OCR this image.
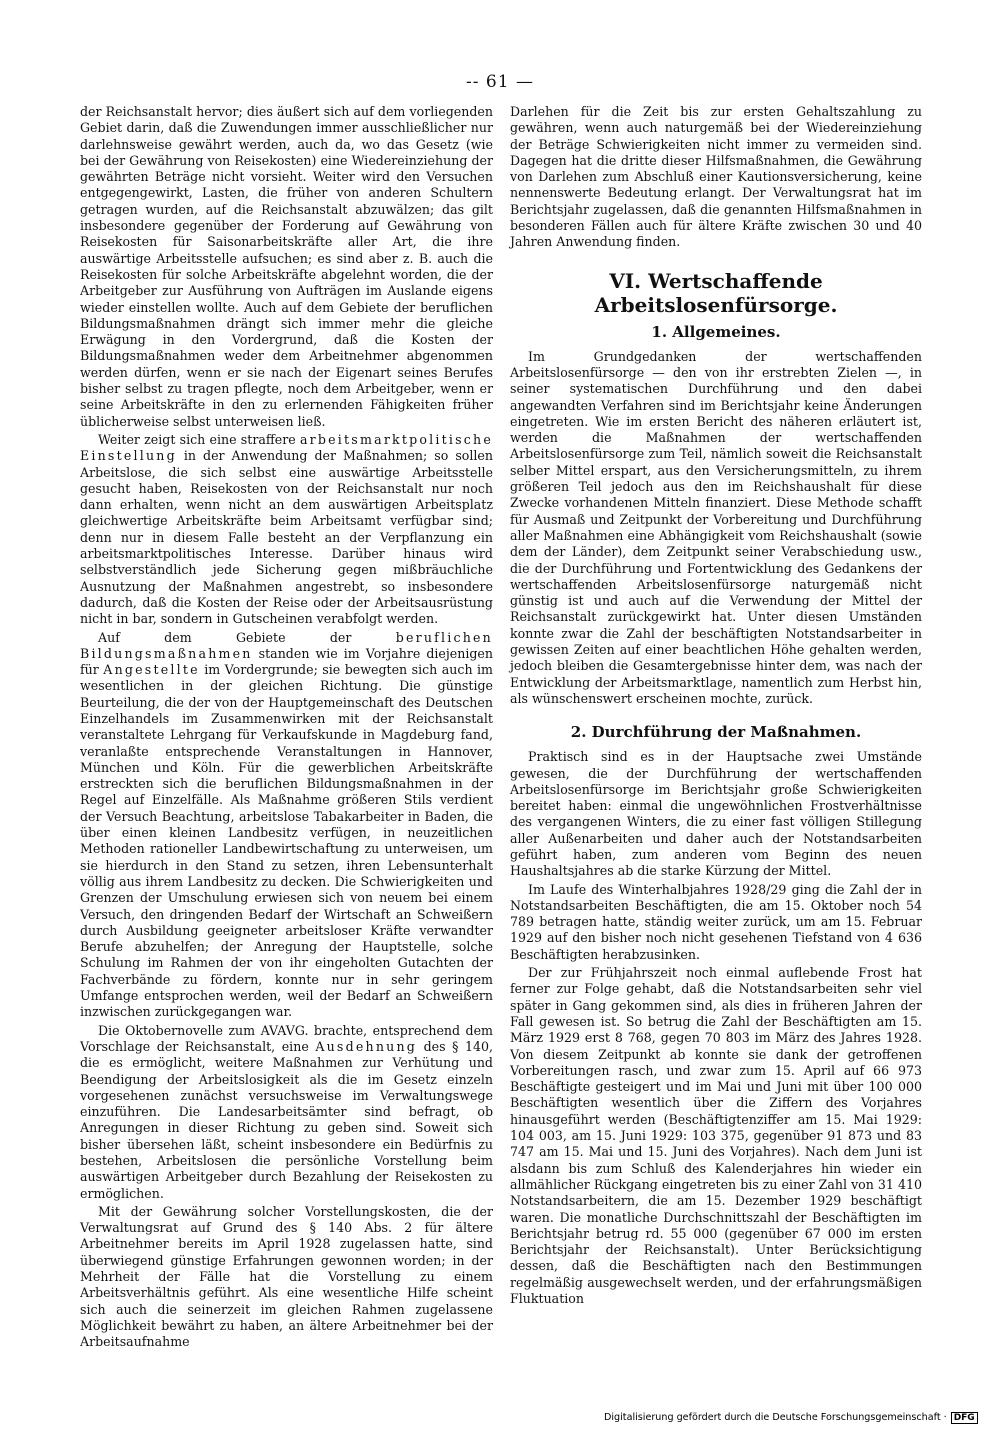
-- 61 —

der Reichsanstalt hervor; dies äußert sich auf dem vorliegenden Gebiet darin, daß die Zuwendungen immer ausschließlicher nur darlehnsweise gewährt werden, auch da, wo das Gesetz (wie bei der Gewährung von Reisekosten) eine Wiedereinziehung der gewährten Beträge nicht vorsieht. Weiter wird den Versuchen entgegengewirkt, Lasten, die früher von anderen Schultern getragen wurden, auf die Reichsanstalt abzuwälzen; das gilt insbesondere gegenüber der Forderung auf Gewährung von Reisekosten für Saisonarbeitskräfte aller Art, die ihre auswärtige Arbeitsstelle aufsuchen; es sind aber z. B. auch die Reisekosten für solche Arbeitskräfte abgelehnt worden, die der Arbeitgeber zur Ausführung von Aufträgen im Auslande eigens wieder einstellen wollte. Auch auf dem Gebiete der beruflichen Bildungsmaßnahmen drängt sich immer mehr die gleiche Erwägung in den Vordergrund, daß die Kosten der Bildungsmaßnahmen weder dem Arbeitnehmer abgenommen werden dürfen, wenn er sie nach der Eigenart seines Berufes bisher selbst zu tragen pflegte, noch dem Arbeitgeber, wenn er seine Arbeitskräfte in den zu erlernenden Fähigkeiten früher üblicherweise selbst unterweisen ließ.

Weiter zeigt sich eine straffere arbeitsmarktpolitische Einstellung in der Anwendung der Maßnahmen; so sollen Arbeitslose, die sich selbst eine auswärtige Arbeitsstelle gesucht haben, Reisekosten von der Reichsanstalt nur noch dann erhalten, wenn nicht an dem auswärtigen Arbeitsplatz gleichwertige Arbeitskräfte beim Arbeitsamt verfügbar sind; denn nur in diesem Falle besteht an der Verpflanzung ein arbeitsmarktpolitisches Interesse. Darüber hinaus wird selbstverständlich jede Sicherung gegen mißbräuchliche Ausnutzung der Maßnahmen angestrebt, so insbesondere dadurch, daß die Kosten der Reise oder der Arbeitsausrüstung nicht in bar, sondern in Gutscheinen verabfolgt werden.

Auf dem Gebiete der beruflichen Bildungsmaßnahmen standen wie im Vorjahre diejenigen für Angestellte im Vordergrunde; sie bewegten sich auch im wesentlichen in der gleichen Richtung. Die günstige Beurteilung, die der von der Hauptgemeinschaft des Deutschen Einzelhandels im Zusammenwirken mit der Reichsanstalt veranstaltete Lehrgang für Verkaufskunde in Magdeburg fand, veranlaßte entsprechende Veranstaltungen in Hannover, München und Köln. Für die gewerblichen Arbeitskräfte erstreckten sich die beruflichen Bildungsmaßnahmen in der Regel auf Einzelfälle. Als Maßnahme größeren Stils verdient der Versuch Beachtung, arbeitslose Tabakarbeiter in Baden, die über einen kleinen Landbesitz verfügen, in neuzeitlichen Methoden rationeller Landbewirtschaftung zu unterweisen, um sie hierdurch in den Stand zu setzen, ihren Lebensunterhalt völlig aus ihrem Landbesitz zu decken. Die Schwierigkeiten und Grenzen der Umschulung erwiesen sich von neuem bei einem Versuch, den dringenden Bedarf der Wirtschaft an Schweißern durch Ausbildung geeigneter arbeitsloser Kräfte verwandter Berufe abzuhelfen; der Anregung der Hauptstelle, solche Schulung im Rahmen der von ihr eingeholten Gutachten der Fachverbände zu fördern, konnte nur in sehr geringem Umfange entsprochen werden, weil der Bedarf an Schweißern inzwischen zurückgegangen war.

Die Oktobernovelle zum AVAVG. brachte, entsprechend dem Vorschlage der Reichsanstalt, eine Ausdehnung des § 140, die es ermöglicht, weitere Maßnahmen zur Verhütung und Beendigung der Arbeitslosigkeit als die im Gesetz einzeln vorgesehenen zunächst versuchsweise im Verwaltungswege einzuführen. Die Landesarbeitsämter sind befragt, ob Anregungen in dieser Richtung zu geben sind. Soweit sich bisher übersehen läßt, scheint insbesondere ein Bedürfnis zu bestehen, Arbeitslosen die persönliche Vorstellung beim auswärtigen Arbeitgeber durch Bezahlung der Reisekosten zu ermöglichen.

Mit der Gewährung solcher Vorstellungskosten, die der Verwaltungsrat auf Grund des § 140 Abs. 2 für ältere Arbeitnehmer bereits im April 1928 zugelassen hatte, sind überwiegend günstige Erfahrungen gewonnen worden; in der Mehrheit der Fälle hat die Vorstellung zu einem Arbeitsverhältnis geführt. Als eine wesentliche Hilfe scheint sich auch die seinerzeit im gleichen Rahmen zugelassene Möglichkeit bewährt zu haben, an ältere Arbeitnehmer bei der Arbeitsaufnahme

Darlehen für die Zeit bis zur ersten Gehaltszahlung zu gewähren, wenn auch naturgemäß bei der Wiedereinziehung der Beträge Schwierigkeiten nicht immer zu vermeiden sind. Dagegen hat die dritte dieser Hilfsmaßnahmen, die Gewährung von Darlehen zum Abschluß einer Kautionsversicherung, keine nennenswerte Bedeutung erlangt. Der Verwaltungsrat hat im Berichtsjahr zugelassen, daß die genannten Hilfsmaßnahmen in besonderen Fällen auch für ältere Kräfte zwischen 30 und 40 Jahren Anwendung finden.

VI. Wertschaffende Arbeitslosenfürsorge.
1. Allgemeines.

Im Grundgedanken der wertschaffenden Arbeitslosenfürsorge — den von ihr erstrebten Zielen —, in seiner systematischen Durchführung und den dabei angewandten Verfahren sind im Berichtsjahr keine Änderungen eingetreten. Wie im ersten Bericht des näheren erläutert ist, werden die Maßnahmen der wertschaffenden Arbeitslosenfürsorge zum Teil, nämlich soweit die Reichsanstalt selber Mittel erspart, aus den Versicherungsmitteln, zu ihrem größeren Teil jedoch aus den im Reichshaushalt für diese Zwecke vorhandenen Mitteln finanziert. Diese Methode schafft für Ausmaß und Zeitpunkt der Vorbereitung und Durchführung aller Maßnahmen eine Abhängigkeit vom Reichshaushalt (sowie dem der Länder), dem Zeitpunkt seiner Verabschiedung usw., die der Durchführung und Fortentwicklung des Gedankens der wertschaffenden Arbeitslosenfürsorge naturgemäß nicht günstig ist und auch auf die Verwendung der Mittel der Reichsanstalt zurückgewirkt hat. Unter diesen Umständen konnte zwar die Zahl der beschäftigten Notstandsarbeiter in gewissen Zeiten auf einer beachtlichen Höhe gehalten werden, jedoch bleiben die Gesamtergebnisse hinter dem, was nach der Entwicklung der Arbeitsmarktlage, namentlich zum Herbst hin, als wünschenswert erscheinen mochte, zurück.

2. Durchführung der Maßnahmen.

Praktisch sind es in der Hauptsache zwei Umstände gewesen, die der Durchführung der wertschaffenden Arbeitslosenfürsorge im Berichtsjahr große Schwierigkeiten bereitet haben: einmal die ungewöhnlichen Frostverhältnisse des vergangenen Winters, die zu einer fast völligen Stillegung aller Außenarbeiten und daher auch der Notstandsarbeiten geführt haben, zum anderen vom Beginn des neuen Haushaltsjahres ab die starke Kürzung der Mittel.

Im Laufe des Winterhalbjahres 1928/29 ging die Zahl der in Notstandsarbeiten Beschäftigten, die am 15. Oktober noch 54 789 betragen hatte, ständig weiter zurück, um am 15. Februar 1929 auf den bisher noch nicht gesehenen Tiefstand von 4 636 Beschäftigten herabzusinken.

Der zur Frühjahrszeit noch einmal auflebende Frost hat ferner zur Folge gehabt, daß die Notstandsarbeiten sehr viel später in Gang gekommen sind, als dies in früheren Jahren der Fall gewesen ist. So betrug die Zahl der Beschäftigten am 15. März 1929 erst 8 768, gegen 70 803 im März des Jahres 1928. Von diesem Zeitpunkt ab konnte sie dank der getroffenen Vorbereitungen rasch, und zwar zum 15. April auf 66 973 Beschäftigte gesteigert und im Mai und Juni mit über 100 000 Beschäftigten wesentlich über die Ziffern des Vorjahres hinausgeführt werden (Beschäftigtenziffer am 15. Mai 1929: 104 003, am 15. Juni 1929: 103 375, gegenüber 91 873 und 83 747 am 15. Mai und 15. Juni des Vorjahres). Nach dem Juni ist alsdann bis zum Schluß des Kalenderjahres hin wieder ein allmählicher Rückgang eingetreten bis zu einer Zahl von 31 410 Notstandsarbeitern, die am 15. Dezember 1929 beschäftigt waren. Die monatliche Durchschnittszahl der Beschäftigten im Berichtsjahr betrug rd. 55 000 (gegenüber 67 000 im ersten Berichtsjahr der Reichsanstalt). Unter Berücksichtigung dessen, daß die Beschäftigten nach den Bestimmungen regelmäßig ausgewechselt werden, und der erfahrungsmäßigen Fluktuation

Digitalisierung gefördert durch die Deutsche Forschungsgemeinschaft · DFG
